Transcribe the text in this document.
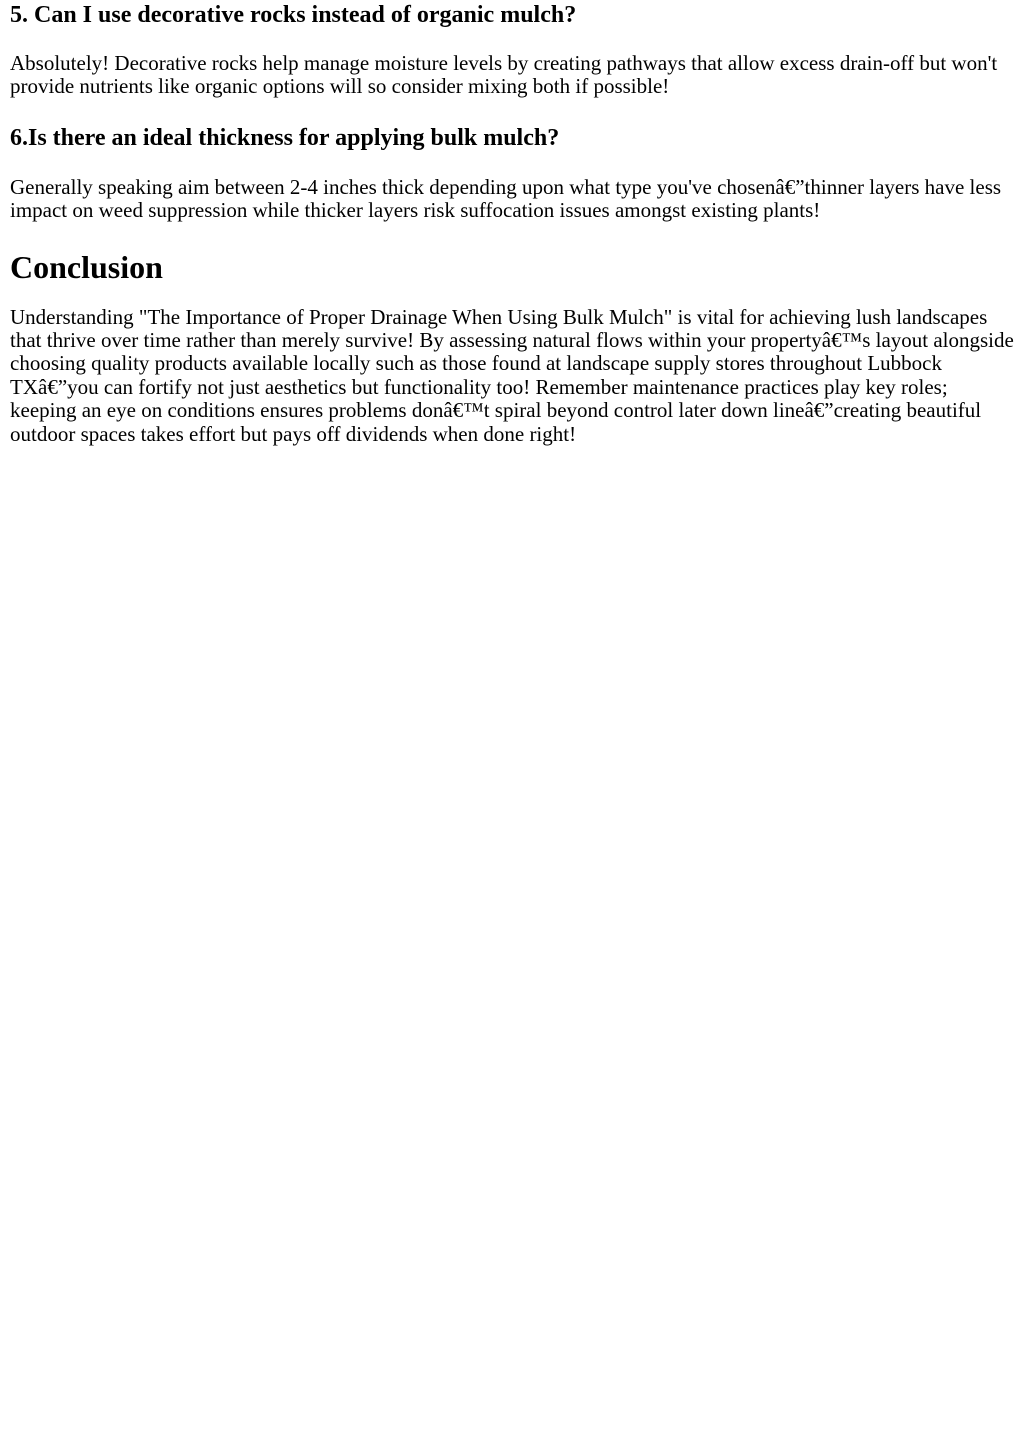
5. Can I use decorative rocks instead of organic mulch?

Absolutely! Decorative rocks help manage moisture levels by creating pathways that allow excess drain-off but won't provide nutrients like organic options will so consider mixing both if possible!

6.Is there an ideal thickness for applying bulk mulch?

Generally speaking aim between 2-4 inches thick depending upon what type you've chosenâ€”thinner layers have less impact on weed suppression while thicker layers risk suffocation issues amongst existing plants!

Conclusion

Understanding "The Importance of Proper Drainage When Using Bulk Mulch" is vital for achieving lush landscapes that thrive over time rather than merely survive! By assessing natural flows within your propertyâ€™s layout alongside choosing quality products available locally such as those found at landscape supply stores throughout Lubbock TXâ€”you can fortify not just aesthetics but functionality too! Remember maintenance practices play key roles; keeping an eye on conditions ensures problems donâ€™t spiral beyond control later down lineâ€”creating beautiful outdoor spaces takes effort but pays off dividends when done right!
